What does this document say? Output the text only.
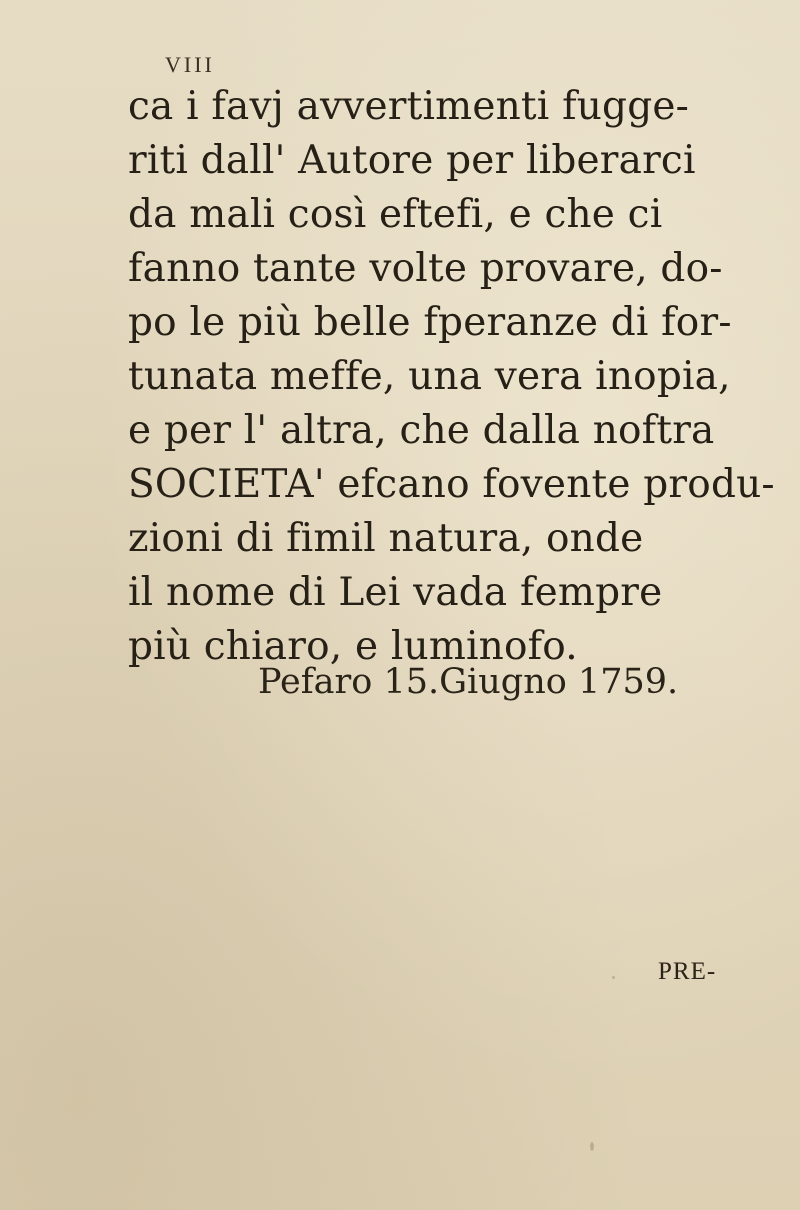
VIII
ca i favj avvertimenti fugge-
riti dall' Autore per liberarci
da mali così eftefi, e che ci
fanno tante volte provare, do-
po le più belle fperanze di for-
tunata meffe, una vera inopia,
e per l' altra, che dalla noftra
SOCIETA' efcano fovente produ-
zioni di fimil natura, onde
il nome di Lei vada fempre
più chiaro, e luminofo.
Pefaro 15.Giugno 1759.
PRE-
